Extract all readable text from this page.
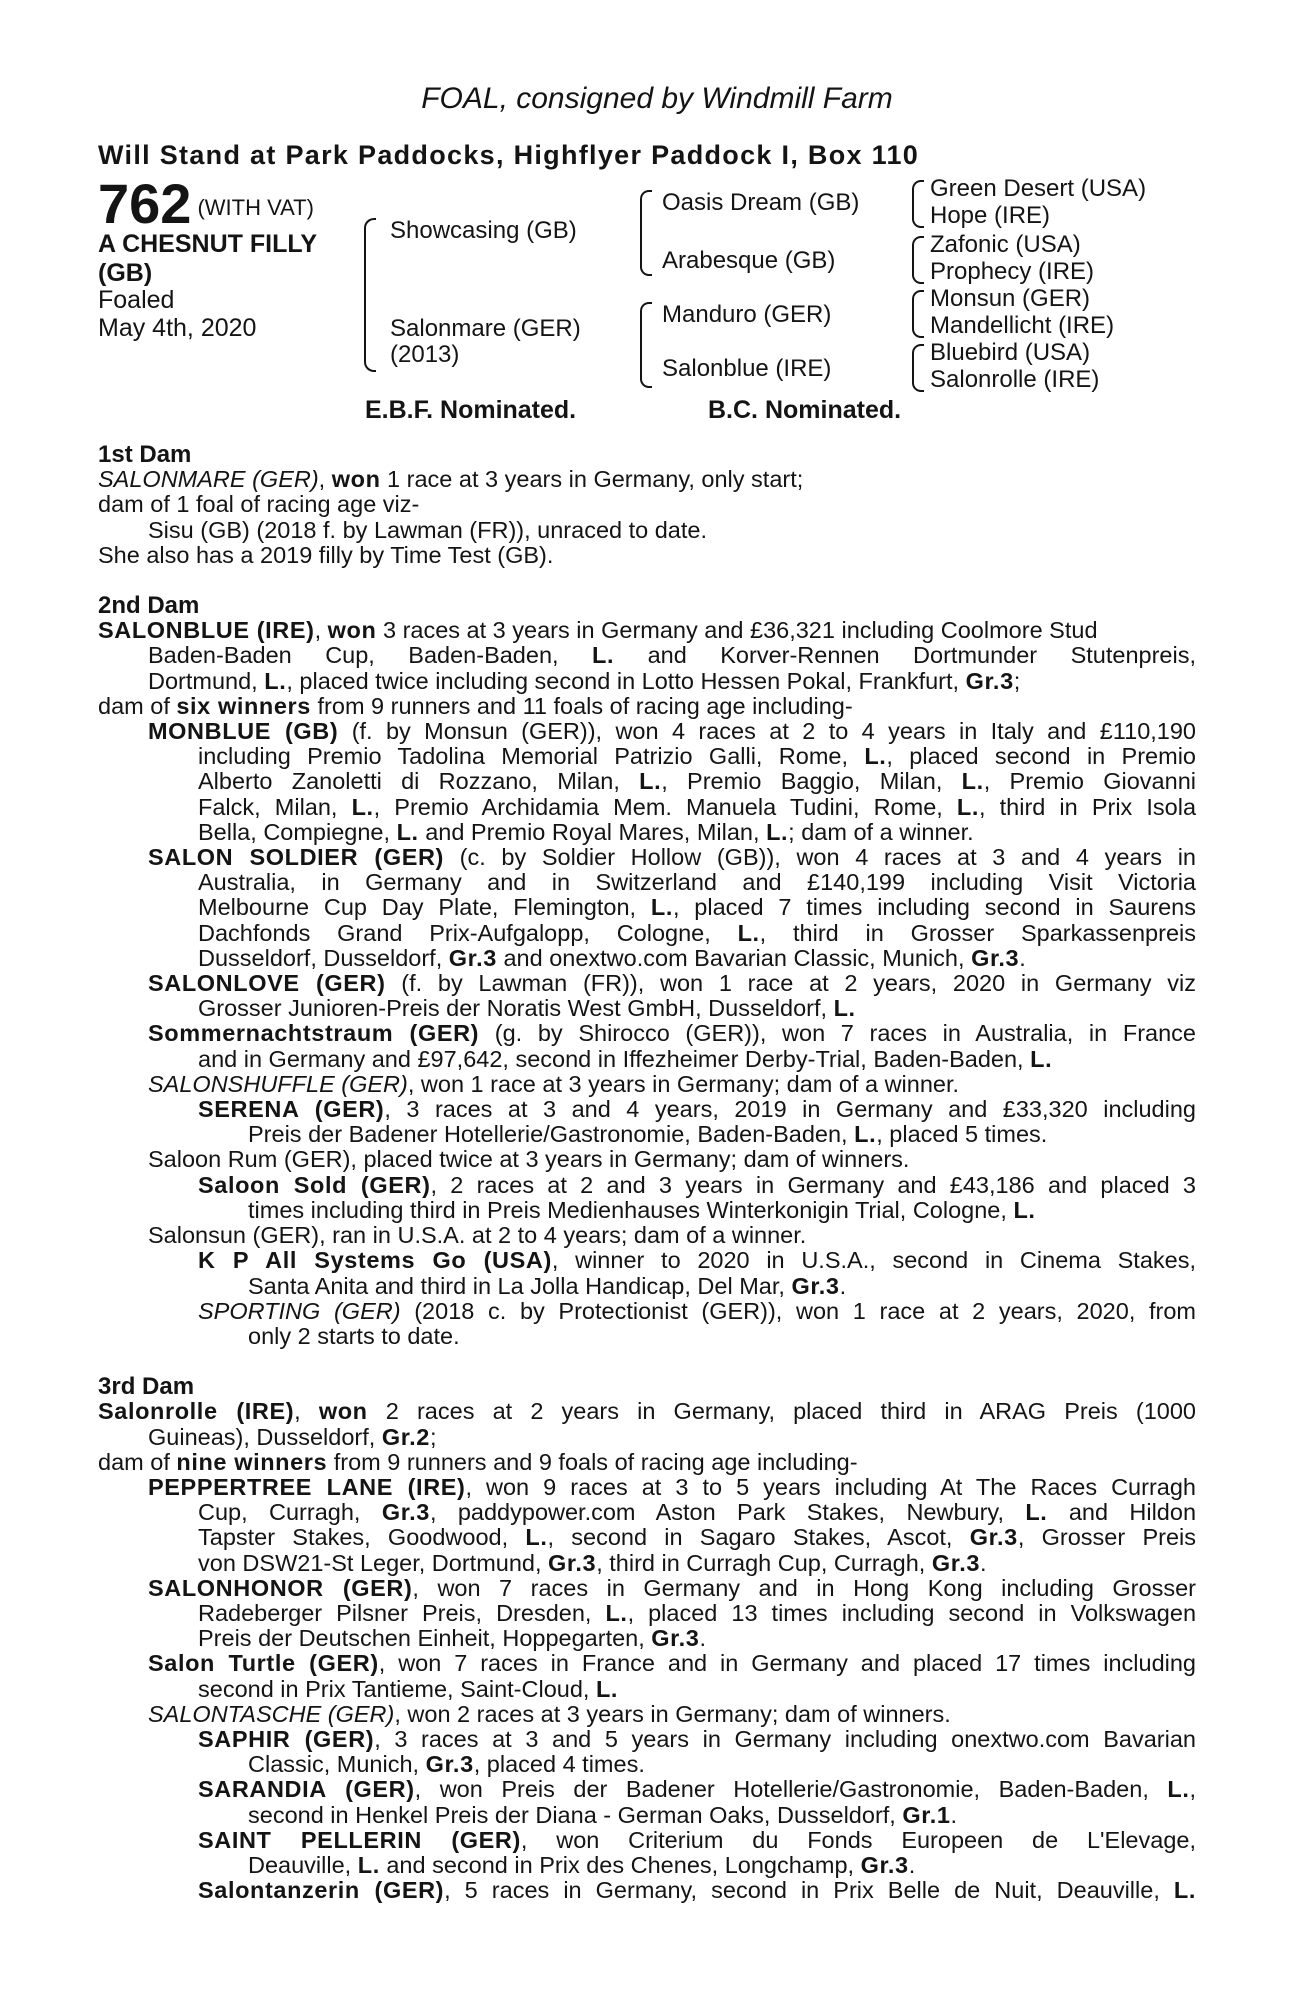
FOAL, consigned by Windmill Farm
Will Stand at Park Paddocks, Highflyer Paddock I, Box 110
762 (WITH VAT)
A CHESNUT FILLY
(GB)
Foaled
May 4th, 2020
Showcasing (GB)
Salonmare (GER)
(2013)
Oasis Dream (GB)
Arabesque (GB)
Manduro (GER)
Salonblue (IRE)
Green Desert (USA)
Hope (IRE)
Zafonic (USA)
Prophecy (IRE)
Monsun (GER)
Mandellicht (IRE)
Bluebird (USA)
Salonrolle (IRE)
E.B.F. Nominated.	B.C. Nominated.
1st Dam
SALONMARE (GER), won 1 race at 3 years in Germany, only start;
dam of 1 foal of racing age viz-
Sisu (GB) (2018 f. by Lawman (FR)), unraced to date.
She also has a 2019 filly by Time Test (GB).
2nd Dam
SALONBLUE (IRE), won 3 races at 3 years in Germany and £36,321 including Coolmore Stud
Baden-Baden Cup, Baden-Baden, L. and Korver-Rennen Dortmunder Stutenpreis,
Dortmund, L., placed twice including second in Lotto Hessen Pokal, Frankfurt, Gr.3;
dam of six winners from 9 runners and 11 foals of racing age including-
MONBLUE (GB) (f. by Monsun (GER)), won 4 races at 2 to 4 years in Italy and £110,190
including Premio Tadolina Memorial Patrizio Galli, Rome, L., placed second in Premio
Alberto Zanoletti di Rozzano, Milan, L., Premio Baggio, Milan, L., Premio Giovanni
Falck, Milan, L., Premio Archidamia Mem. Manuela Tudini, Rome, L., third in Prix Isola
Bella, Compiegne, L. and Premio Royal Mares, Milan, L.; dam of a winner.
SALON SOLDIER (GER) (c. by Soldier Hollow (GB)), won 4 races at 3 and 4 years in
Australia, in Germany and in Switzerland and £140,199 including Visit Victoria
Melbourne Cup Day Plate, Flemington, L., placed 7 times including second in Saurens
Dachfonds Grand Prix-Aufgalopp, Cologne, L., third in Grosser Sparkassenpreis
Dusseldorf, Dusseldorf, Gr.3 and onextwo.com Bavarian Classic, Munich, Gr.3.
SALONLOVE (GER) (f. by Lawman (FR)), won 1 race at 2 years, 2020 in Germany viz
Grosser Junioren-Preis der Noratis West GmbH, Dusseldorf, L.
Sommernachtstraum (GER) (g. by Shirocco (GER)), won 7 races in Australia, in France
and in Germany and £97,642, second in Iffezheimer Derby-Trial, Baden-Baden, L.
SALONSHUFFLE (GER), won 1 race at 3 years in Germany; dam of a winner.
SERENA (GER), 3 races at 3 and 4 years, 2019 in Germany and £33,320 including
Preis der Badener Hotellerie/Gastronomie, Baden-Baden, L., placed 5 times.
Saloon Rum (GER), placed twice at 3 years in Germany; dam of winners.
Saloon Sold (GER), 2 races at 2 and 3 years in Germany and £43,186 and placed 3
times including third in Preis Medienhauses Winterkonigin Trial, Cologne, L.
Salonsun (GER), ran in U.S.A. at 2 to 4 years; dam of a winner.
K P All Systems Go (USA), winner to 2020 in U.S.A., second in Cinema Stakes,
Santa Anita and third in La Jolla Handicap, Del Mar, Gr.3.
SPORTING (GER) (2018 c. by Protectionist (GER)), won 1 race at 2 years, 2020, from
only 2 starts to date.
3rd Dam
Salonrolle (IRE), won 2 races at 2 years in Germany, placed third in ARAG Preis (1000
Guineas), Dusseldorf, Gr.2;
dam of nine winners from 9 runners and 9 foals of racing age including-
PEPPERTREE LANE (IRE), won 9 races at 3 to 5 years including At The Races Curragh
Cup, Curragh, Gr.3, paddypower.com Aston Park Stakes, Newbury, L. and Hildon
Tapster Stakes, Goodwood, L., second in Sagaro Stakes, Ascot, Gr.3, Grosser Preis
von DSW21-St Leger, Dortmund, Gr.3, third in Curragh Cup, Curragh, Gr.3.
SALONHONOR (GER), won 7 races in Germany and in Hong Kong including Grosser
Radeberger Pilsner Preis, Dresden, L., placed 13 times including second in Volkswagen
Preis der Deutschen Einheit, Hoppegarten, Gr.3.
Salon Turtle (GER), won 7 races in France and in Germany and placed 17 times including
second in Prix Tantieme, Saint-Cloud, L.
SALONTASCHE (GER), won 2 races at 3 years in Germany; dam of winners.
SAPHIR (GER), 3 races at 3 and 5 years in Germany including onextwo.com Bavarian
Classic, Munich, Gr.3, placed 4 times.
SARANDIA (GER), won Preis der Badener Hotellerie/Gastronomie, Baden-Baden, L.,
second in Henkel Preis der Diana - German Oaks, Dusseldorf, Gr.1.
SAINT PELLERIN (GER), won Criterium du Fonds Europeen de L'Elevage,
Deauville, L. and second in Prix des Chenes, Longchamp, Gr.3.
Salontanzerin (GER), 5 races in Germany, second in Prix Belle de Nuit, Deauville, L.
